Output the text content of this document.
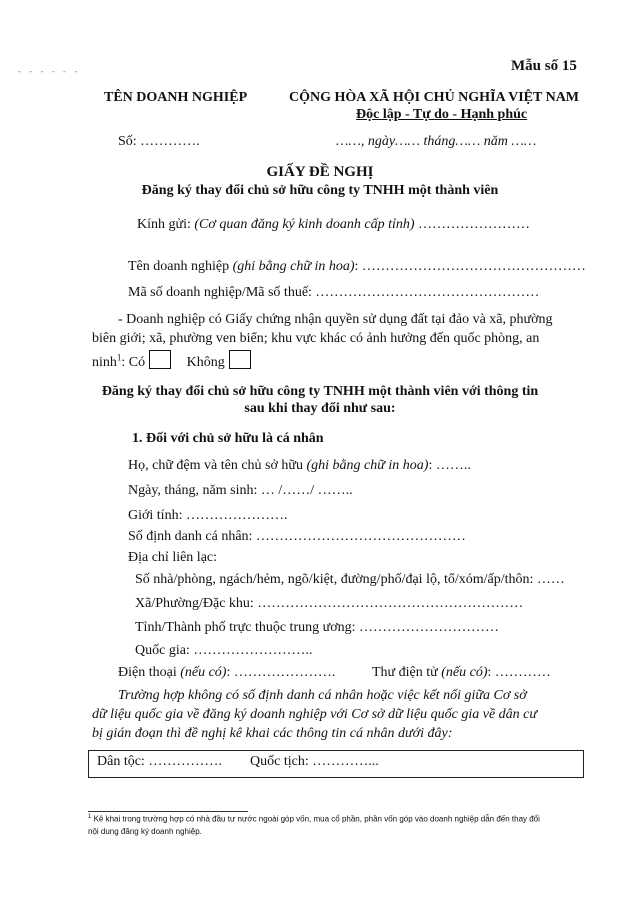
- - - - - -	Mẫu số 15
TÊN DOANH NGHIỆP	CỘNG HÒA XÃ HỘI CHỦ NGHĨA VIỆT NAM
Độc lập - Tự do - Hạnh phúc
Số: ………….	……, ngày…… tháng…… năm ……
GIẤY ĐỀ NGHỊ
Đăng ký thay đổi chủ sở hữu công ty TNHH một thành viên
Kính gửi: (Cơ quan đăng ký kinh doanh cấp tỉnh) ……………………
Tên doanh nghiệp (ghi bằng chữ in hoa): …………………………………………
Mã số doanh nghiệp/Mã số thuế: …………………………………………
- Doanh nghiệp có Giấy chứng nhận quyền sử dụng đất tại đảo và xã, phường
biên giới; xã, phường ven biển; khu vực khác có ảnh hưởng đến quốc phòng, an
ninh$^1$: Có	Không
Đăng ký thay đổi chủ sở hữu công ty TNHH một thành viên với thông tin
sau khi thay đổi như sau:
1. Đối với chủ sở hữu là cá nhân
Họ, chữ đệm và tên chủ sở hữu (ghi bằng chữ in hoa): ……..
Ngày, tháng, năm sinh: … /……/ ……..
Giới tính: ………………….
Số định danh cá nhân: ………………………………………
Địa chỉ liên lạc:
Số nhà/phòng, ngách/hẻm, ngõ/kiệt, đường/phố/đại lộ, tổ/xóm/ấp/thôn: ……
Xã/Phường/Đặc khu: …………………………………………………
Tỉnh/Thành phố trực thuộc trung ương: …………………………
Quốc gia: ……………………..
Điện thoại (nếu có): ………………….	Thư điện tử (nếu có): …………
Trường hợp không có số định danh cá nhân hoặc việc kết nối giữa Cơ sở
dữ liệu quốc gia về đăng ký doanh nghiệp với Cơ sở dữ liệu quốc gia về dân cư
bị gián đoạn thì đề nghị kê khai các thông tin cá nhân dưới đây:
Dân tộc: ……………. Quốc tịch: …………...
$^1$ Kê khai trong trường hợp có nhà đầu tư nước ngoài góp vốn, mua cổ phần, phần vốn góp vào doanh nghiệp dẫn đến thay đổi
nội dung đăng ký doanh nghiệp.
